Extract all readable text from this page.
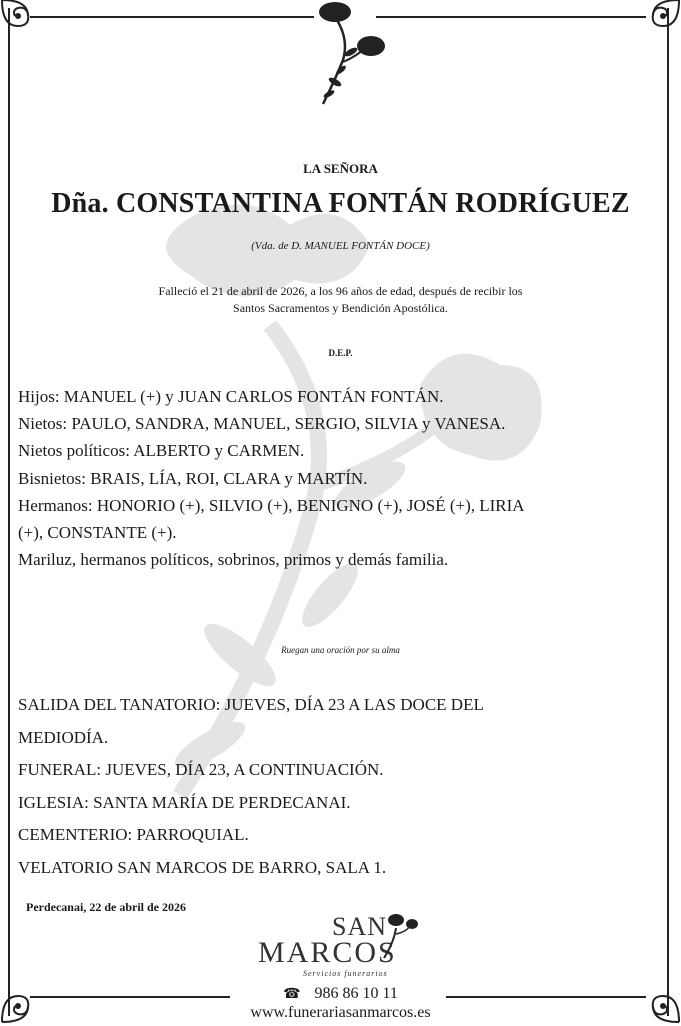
LA SEÑORA
Dña. CONSTANTINA FONTÁN RODRÍGUEZ
(Vda. de D. MANUEL FONTÁN DOCE)
Falleció el 21 de abril de 2026, a los 96 años de edad, después de recibir los
Santos Sacramentos y Bendición Apostólica.
D.E.P.
Hijos: MANUEL (+) y JUAN CARLOS FONTÁN FONTÁN.
Nietos: PAULO, SANDRA, MANUEL, SERGIO, SILVIA y VANESA.
Nietos políticos: ALBERTO y CARMEN.
Bisnietos: BRAIS, LÍA, ROI, CLARA y MARTÍN.
Hermanos: HONORIO (+), SILVIO (+), BENIGNO (+), JOSÉ (+), LIRIA
(+), CONSTANTE (+).
Mariluz, hermanos políticos, sobrinos, primos y demás familia.
Ruegan una oración por su alma
SALIDA DEL TANATORIO: JUEVES, DÍA 23 A LAS DOCE DEL
MEDIODÍA.
FUNERAL: JUEVES, DÍA 23, A CONTINUACIÓN.
IGLESIA: SANTA MARÍA DE PERDECANAI.
CEMENTERIO: PARROQUIAL.
VELATORIO SAN MARCOS DE BARRO, SALA 1.
Perdecanai, 22 de abril de 2026
SAN
MARCOS
Servicios funerarios
☎ 986 86 10 11
www.funerariasanmarcos.es
